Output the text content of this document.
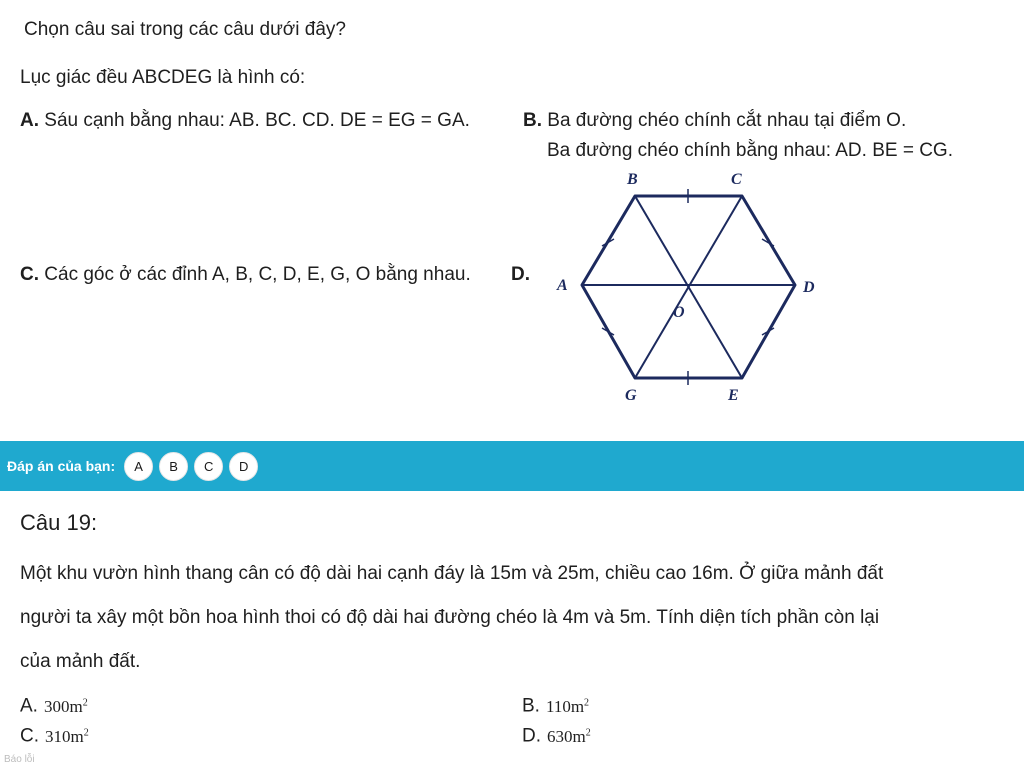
Chọn câu sai trong các câu dưới đây?
Lục giác đều ABCDEG là hình có:
A. Sáu cạnh bằng nhau: AB. BC. CD. DE = EG = GA.	B. Ba đường chéo chính cắt nhau tại điểm O.
Ba đường chéo chính bằng nhau: AD. BE = CG.
C. Các góc ở các đỉnh A, B, C, D, E, G, O bằng nhau. D.
B	C
A	D
O
G	E
Đáp án của bạn:	A	B	C	D
Câu 19:
Một khu vườn hình thang cân có độ dài hai cạnh đáy là 15m và 25m, chiều cao 16m. Ở giữa mảnh đất
người ta xây một bồn hoa hình thoi có độ dài hai đường chéo là 4m và 5m. Tính diện tích phần còn lại
của mảnh đất.
A. $300m^2$	B. $110m^2$
C. $310m^2$	D. $630m^2$
Báo lỗi
